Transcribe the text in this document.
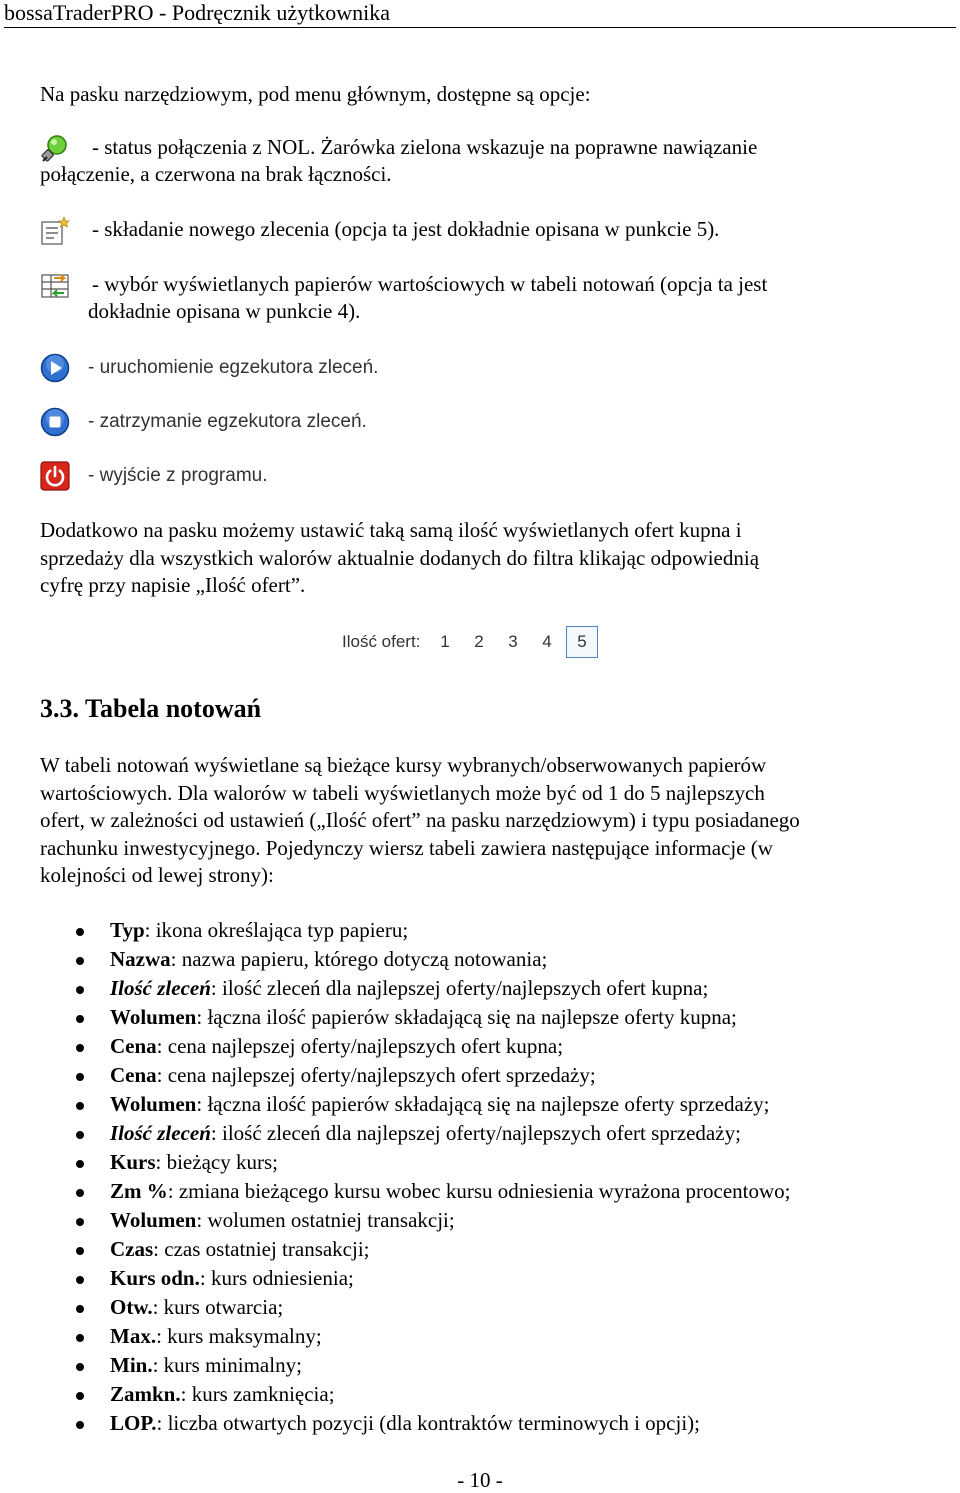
bossaTraderPRO - Podręcznik użytkownika
Na pasku narzędziowym, pod menu głównym, dostępne są opcje:
- status połączenia z NOL. Żarówka zielona wskazuje na poprawne nawiązanie
połączenie, a czerwona na brak łączności.
- składanie nowego zlecenia (opcja ta jest dokładnie opisana w punkcie 5).
- wybór wyświetlanych papierów wartościowych w tabeli notowań (opcja ta jest
dokładnie opisana w punkcie 4).
- uruchomienie egzekutora zleceń.
- zatrzymanie egzekutora zleceń.
- wyjście z programu.
Dodatkowo na pasku możemy ustawić taką samą ilość wyświetlanych ofert kupna i
sprzedaży dla wszystkich walorów aktualnie dodanych do filtra klikając odpowiednią
cyfrę przy napisie „Ilość ofert”.
Ilość ofert: 1 2 3 4 5
3.3. Tabela notowań
W tabeli notowań wyświetlane są bieżące kursy wybranych/obserwowanych papierów
wartościowych. Dla walorów w tabeli wyświetlanych może być od 1 do 5 najlepszych
ofert, w zależności od ustawień („Ilość ofert” na pasku narzędziowym) i typu posiadanego
rachunku inwestycyjnego. Pojedynczy wiersz tabeli zawiera następujące informacje (w
kolejności od lewej strony):
Typ: ikona określająca typ papieru;
Nazwa: nazwa papieru, którego dotyczą notowania;
Ilość zleceń: ilość zleceń dla najlepszej oferty/najlepszych ofert kupna;
Wolumen: łączna ilość papierów składającą się na najlepsze oferty kupna;
Cena: cena najlepszej oferty/najlepszych ofert kupna;
Cena: cena najlepszej oferty/najlepszych ofert sprzedaży;
Wolumen: łączna ilość papierów składającą się na najlepsze oferty sprzedaży;
Ilość zleceń: ilość zleceń dla najlepszej oferty/najlepszych ofert sprzedaży;
Kurs: bieżący kurs;
Zm %: zmiana bieżącego kursu wobec kursu odniesienia wyrażona procentowo;
Wolumen: wolumen ostatniej transakcji;
Czas: czas ostatniej transakcji;
Kurs odn.: kurs odniesienia;
Otw.: kurs otwarcia;
Max.: kurs maksymalny;
Min.: kurs minimalny;
Zamkn.: kurs zamknięcia;
LOP.: liczba otwartych pozycji (dla kontraktów terminowych i opcji);
- 10 -
